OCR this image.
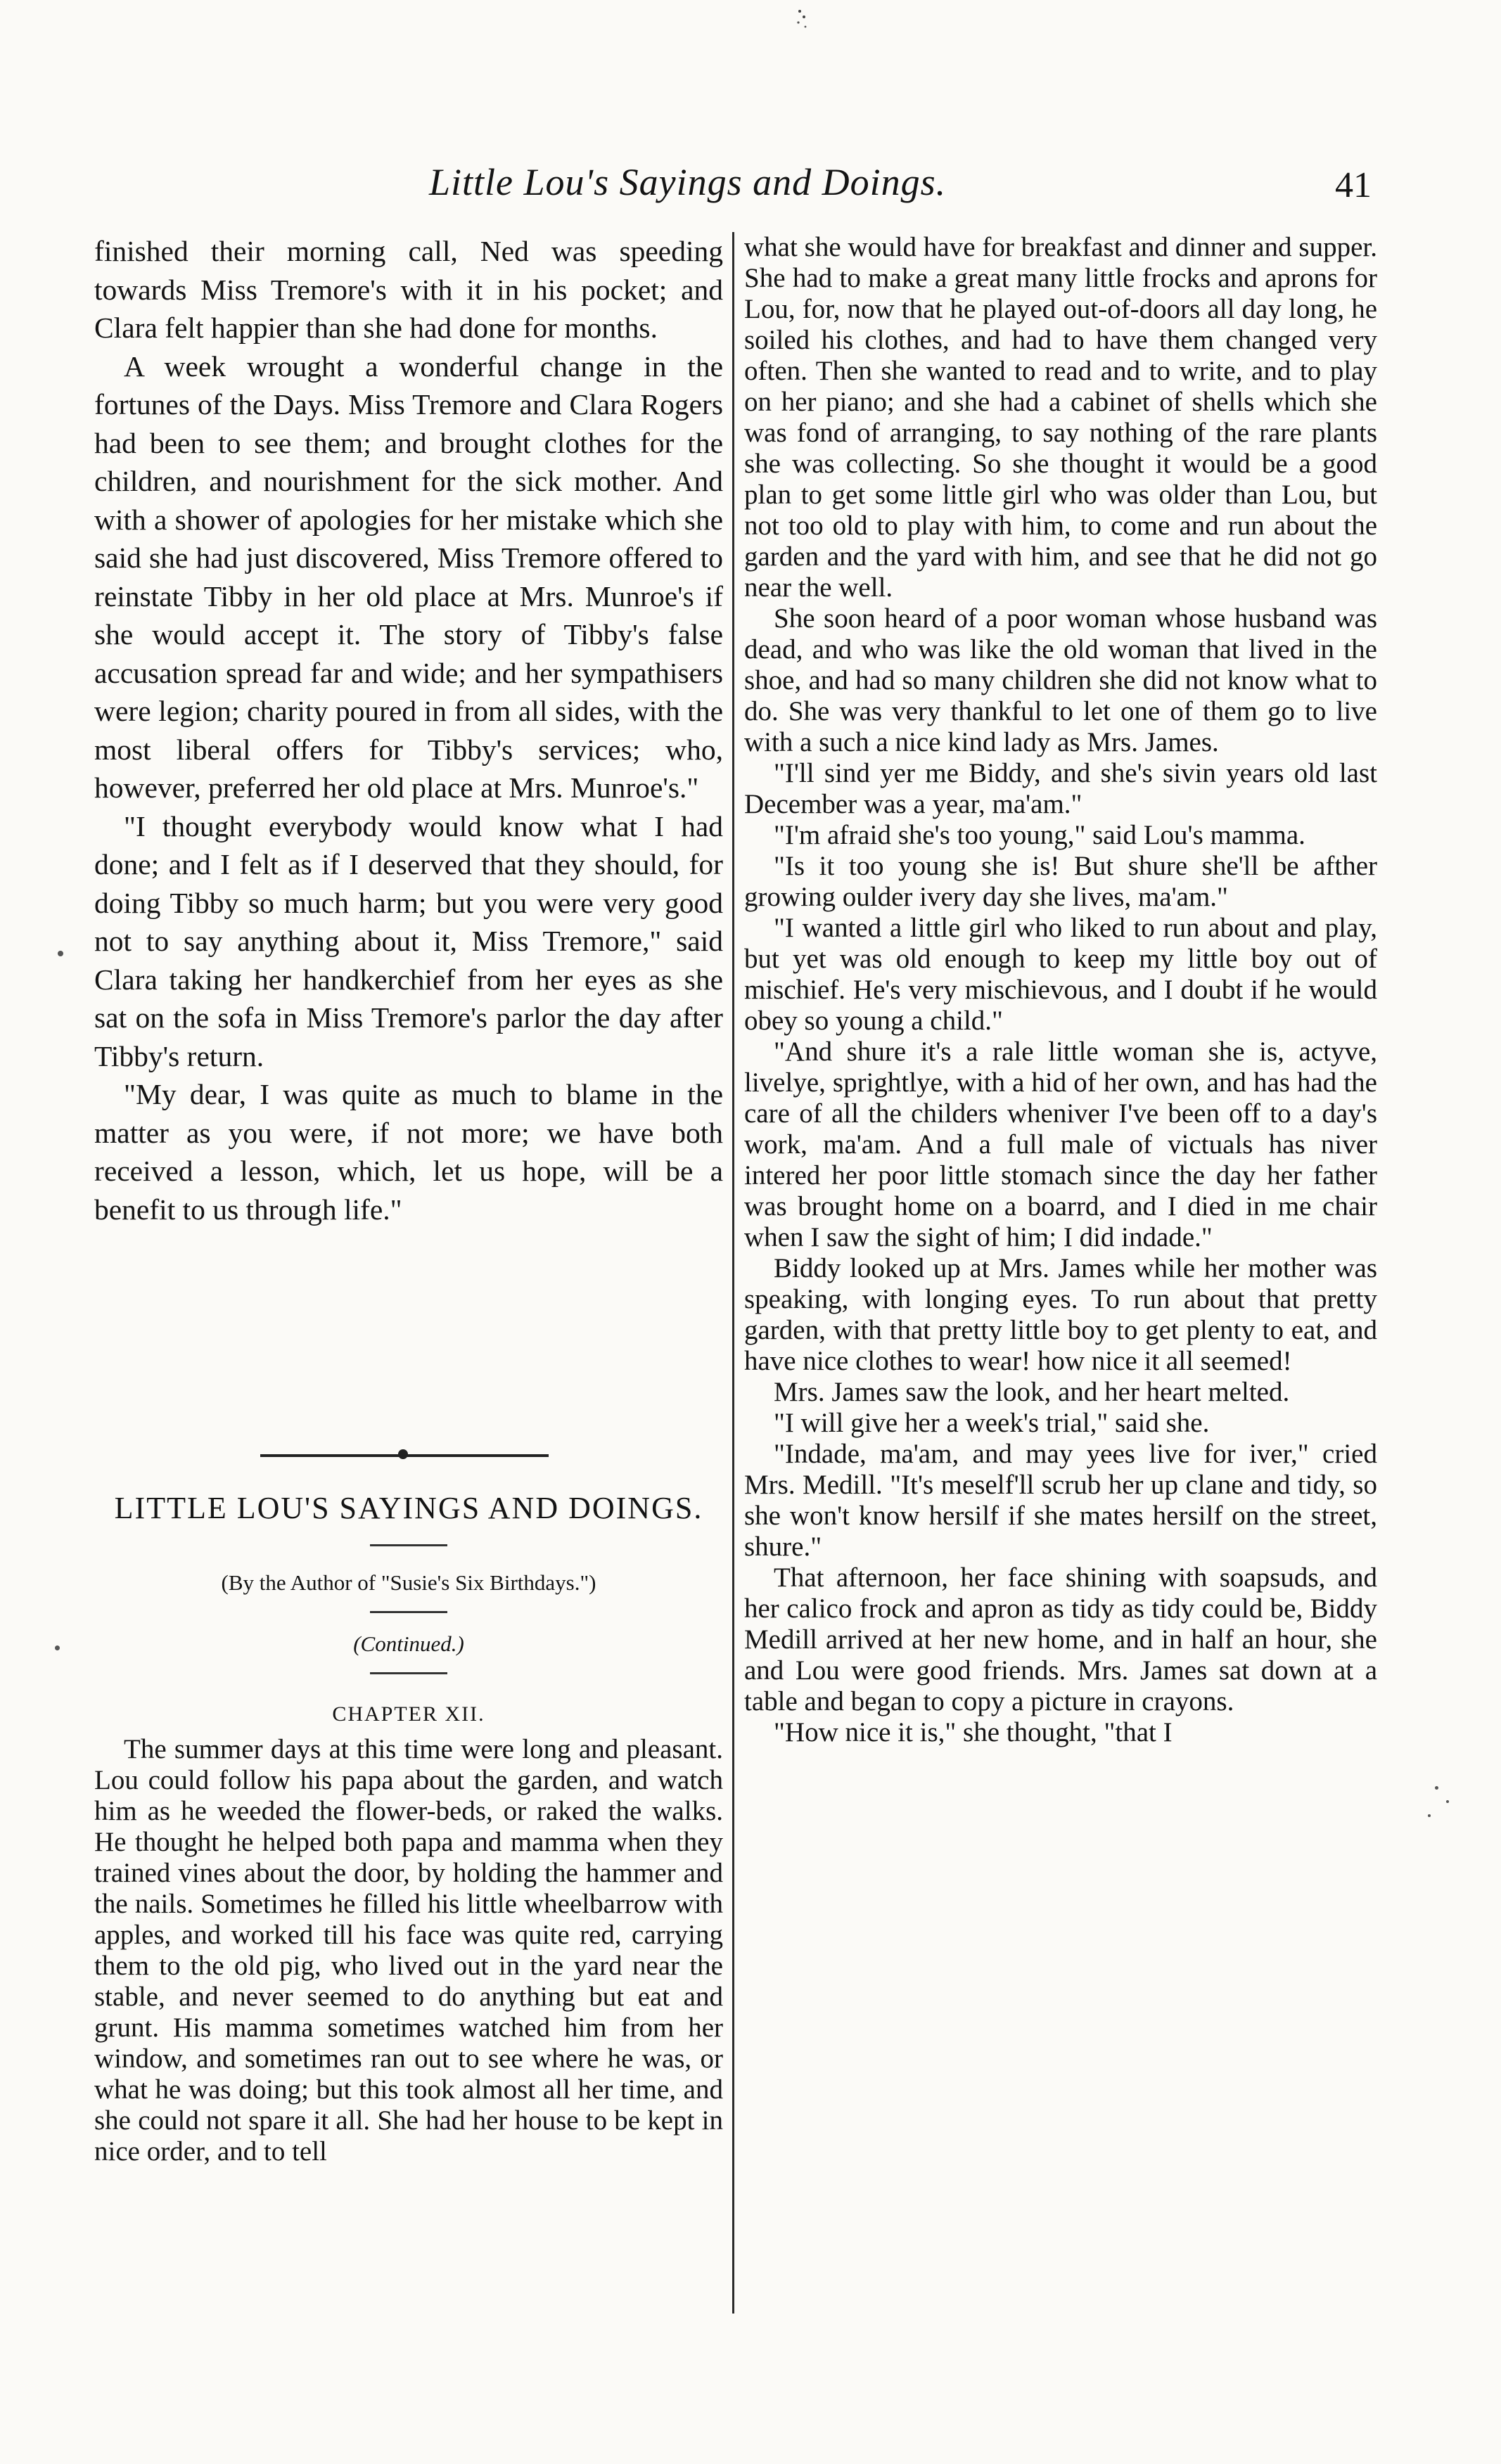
Little Lou's Sayings and Doings.	41

finished their morning call, Ned was speeding towards Miss Tremore's with it in his pocket; and Clara felt happier than she had done for months.

A week wrought a wonderful change in the fortunes of the Days. Miss Tremore and Clara Rogers had been to see them; and brought clothes for the children, and nourishment for the sick mother. And with a shower of apologies for her mistake which she said she had just discovered, Miss Tremore offered to reinstate Tibby in her old place at Mrs. Munroe's if she would accept it. The story of Tibby's false accusation spread far and wide; and her sympathisers were legion; charity poured in from all sides, with the most liberal offers for Tibby's services; who, however, preferred her old place at Mrs. Munroe's."

"I thought everybody would know what I had done; and I felt as if I deserved that they should, for doing Tibby so much harm; but you were very good not to say anything about it, Miss Tremore," said Clara taking her handkerchief from her eyes as she sat on the sofa in Miss Tremore's parlor the day after Tibby's return.

"My dear, I was quite as much to blame in the matter as you were, if not more; we have both received a lesson, which, let us hope, will be a benefit to us through life."

LITTLE LOU'S SAYINGS AND DOINGS.
(By the Author of "Susie's Six Birthdays.")
(Continued.)
CHAPTER XII.

The summer days at this time were long and pleasant. Lou could follow his papa about the garden, and watch him as he weeded the flower-beds, or raked the walks. He thought he helped both papa and mamma when they trained vines about the door, by holding the hammer and the nails. Sometimes he filled his little wheelbarrow with apples, and worked till his face was quite red, carrying them to the old pig, who lived out in the yard near the stable, and never seemed to do anything but eat and grunt. His mamma sometimes watched him from her window, and sometimes ran out to see where he was, or what he was doing; but this took almost all her time, and she could not spare it all. She had her house to be kept in nice order, and to tell

what she would have for breakfast and dinner and supper. She had to make a great many little frocks and aprons for Lou, for, now that he played out-of-doors all day long, he soiled his clothes, and had to have them changed very often. Then she wanted to read and to write, and to play on her piano; and she had a cabinet of shells which she was fond of arranging, to say nothing of the rare plants she was collecting. So she thought it would be a good plan to get some little girl who was older than Lou, but not too old to play with him, to come and run about the garden and the yard with him, and see that he did not go near the well.

She soon heard of a poor woman whose husband was dead, and who was like the old woman that lived in the shoe, and had so many children she did not know what to do. She was very thankful to let one of them go to live with a such a nice kind lady as Mrs. James.

"I'll sind yer me Biddy, and she's sivin years old last December was a year, ma'am."

"I'm afraid she's too young," said Lou's mamma.

"Is it too young she is! But shure she'll be afther growing oulder ivery day she lives, ma'am."

"I wanted a little girl who liked to run about and play, but yet was old enough to keep my little boy out of mischief. He's very mischievous, and I doubt if he would obey so young a child."

"And shure it's a rale little woman she is, actyve, livelye, sprightlye, with a hid of her own, and has had the care of all the childers wheniver I've been off to a day's work, ma'am. And a full male of victuals has niver intered her poor little stomach since the day her father was brought home on a boarrd, and I died in me chair when I saw the sight of him; I did indade."

Biddy looked up at Mrs. James while her mother was speaking, with longing eyes. To run about that pretty garden, with that pretty little boy to get plenty to eat, and have nice clothes to wear! how nice it all seemed!

Mrs. James saw the look, and her heart melted.

"I will give her a week's trial," said she.

"Indade, ma'am, and may yees live for iver," cried Mrs. Medill. "It's meself'll scrub her up clane and tidy, so she won't know hersilf if she mates hersilf on the street, shure."

That afternoon, her face shining with soapsuds, and her calico frock and apron as tidy as tidy could be, Biddy Medill arrived at her new home, and in half an hour, she and Lou were good friends. Mrs. James sat down at a table and began to copy a picture in crayons.

"How nice it is," she thought, "that I
